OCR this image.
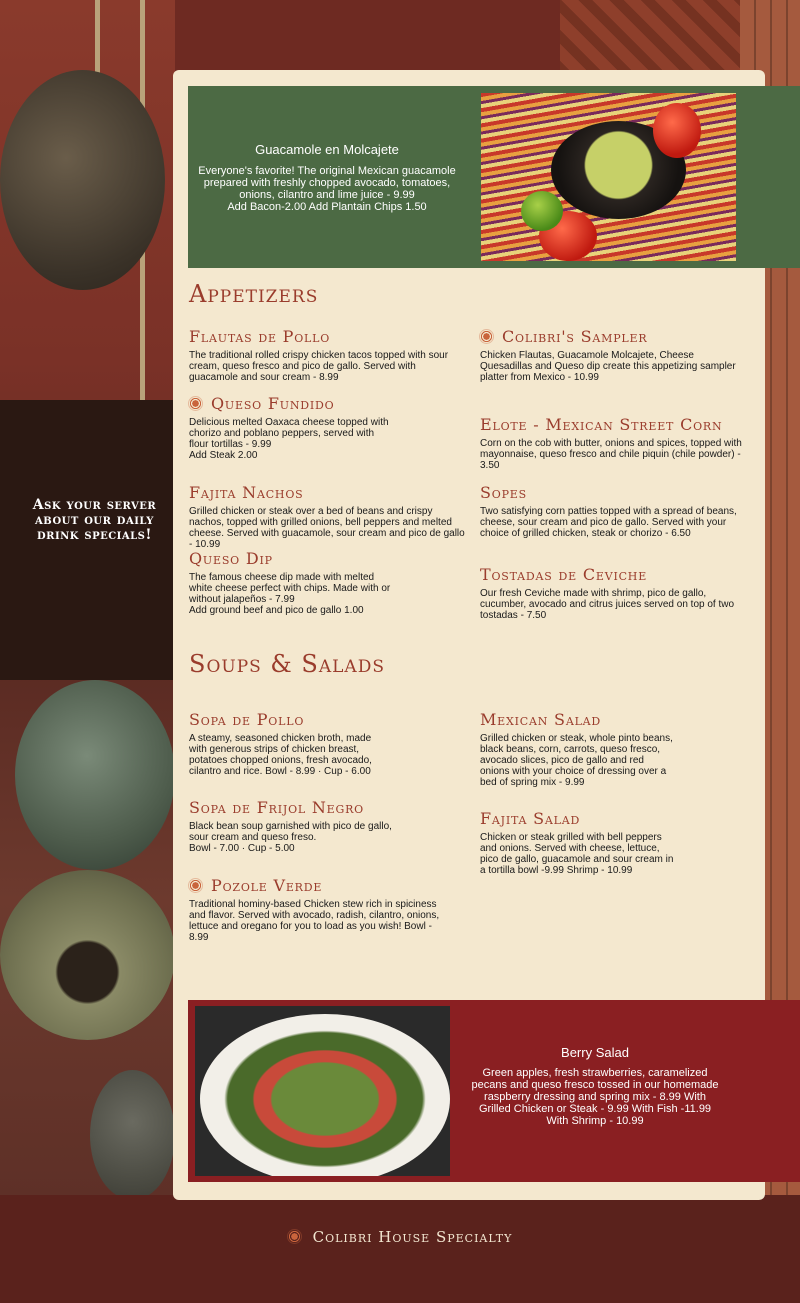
Ask your server about our daily drink specials!
Guacamole en Molcajete
Everyone's favorite! The original Mexican guacamole
prepared with freshly chopped avocado, tomatoes,
onions, cilantro and lime juice - 9.99
Add Bacon-2.00 Add Plantain Chips 1.50
Appetizers
Flautas de Pollo
The traditional rolled crispy chicken tacos topped with sour cream, queso fresco and pico de gallo. Served with guacamole and sour cream - 8.99
Queso Fundido
Delicious melted Oaxaca cheese topped with chorizo and poblano peppers, served with flour tortillas - 9.99
Add Steak 2.00
Fajita Nachos
Grilled chicken or steak over a bed of beans and crispy nachos, topped with grilled onions, bell peppers and melted cheese. Served with guacamole, sour cream and pico de gallo - 10.99
Queso Dip
The famous cheese dip made with melted white cheese perfect with chips. Made with or without jalapeños - 7.99
Add ground beef and pico de gallo 1.00
Colibri's Sampler
Chicken Flautas, Guacamole Molcajete, Cheese Quesadillas and Queso dip create this appetizing sampler platter from Mexico - 10.99
Elote - Mexican Street Corn
Corn on the cob with butter, onions and spices, topped with mayonnaise, queso fresco and chile piquin (chile powder) - 3.50
Sopes
Two satisfying corn patties topped with a spread of beans, cheese, sour cream and pico de gallo. Served with your choice of grilled chicken, steak or chorizo - 6.50
Tostadas de Ceviche
Our fresh Ceviche made with shrimp, pico de gallo, cucumber, avocado and citrus juices served on top of two tostadas - 7.50
Soups & Salads
Sopa de Pollo
A steamy, seasoned chicken broth, made with generous strips of chicken breast, potatoes chopped onions, fresh avocado, cilantro and rice. Bowl - 8.99 · Cup - 6.00
Sopa de Frijol Negro
Black bean soup garnished with pico de gallo, sour cream and queso freso.
Bowl - 7.00 · Cup - 5.00
Pozole Verde
Traditional hominy-based Chicken stew rich in spiciness and flavor. Served with avocado, radish, cilantro, onions, lettuce and oregano for you to load as you wish! Bowl - 8.99
Mexican Salad
Grilled chicken or steak, whole pinto beans, black beans, corn, carrots, queso fresco, avocado slices, pico de gallo and red onions with your choice of dressing over a bed of spring mix - 9.99
Fajita Salad
Chicken or steak grilled with bell peppers and onions. Served with cheese, lettuce, pico de gallo, guacamole and sour cream in a tortilla bowl -9.99 Shrimp - 10.99
Berry Salad
Green apples, fresh strawberries, caramelized pecans and queso fresco tossed in our homemade raspberry dressing and spring mix - 8.99 With Grilled Chicken or Steak - 9.99 With Fish -11.99 With Shrimp - 10.99
Colibri House Specialty
